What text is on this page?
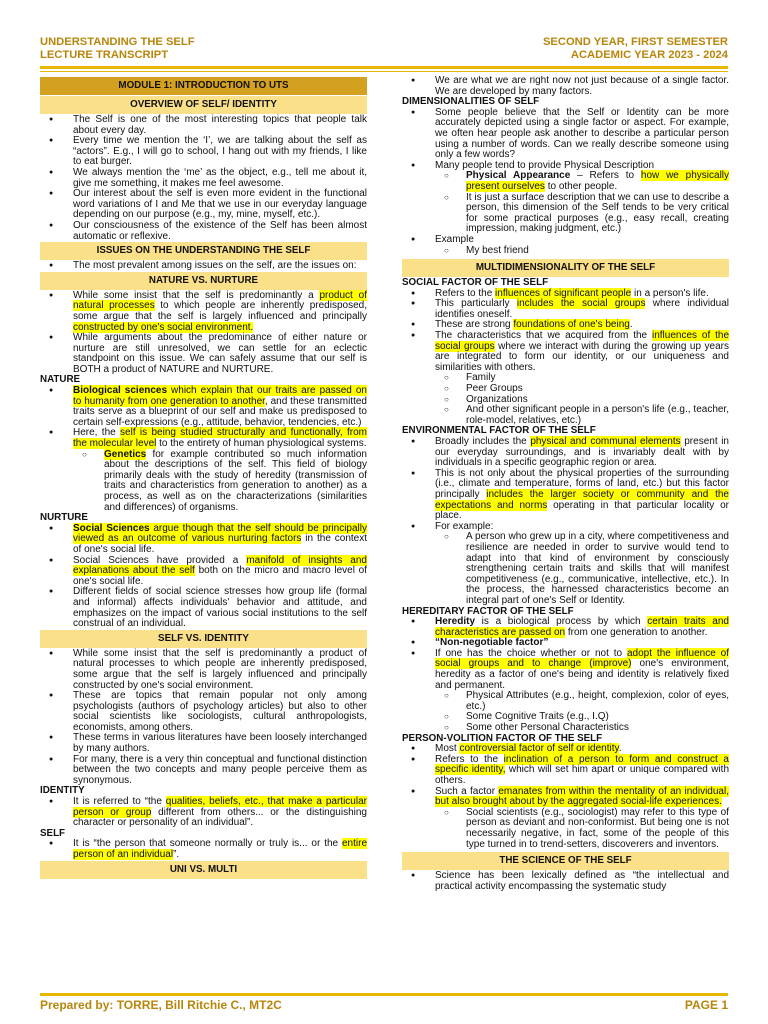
UNDERSTANDING THE SELF
LECTURE TRANSCRIPT
SECOND YEAR, FIRST SEMESTER
ACADEMIC YEAR 2023 - 2024
MODULE 1: INTRODUCTION TO UTS
OVERVIEW OF SELF/ IDENTITY
● The Self is one of the most interesting topics that people talk about every day.
● Every time we mention the ‘I’, we are talking about the self as “actors”. E.g., I will go to school, I hang out with my friends, I like to eat burger.
● We always mention the ‘me’ as the object, e.g., tell me about it, give me something, it makes me feel awesome.
● Our interest about the self is even more evident in the functional word variations of I and Me that we use in our everyday language depending on our purpose (e.g., my, mine, myself, etc.).
● Our consciousness of the existence of the Self has been almost automatic or reflexive.
ISSUES ON THE UNDERSTANDING THE SELF
● The most prevalent among issues on the self, are the issues on:
NATURE VS. NURTURE
● While some insist that the self is predominantly a product of natural processes to which people are inherently predisposed, some argue that the self is largely influenced and principally constructed by one's social environment.
● While arguments about the predominance of either nature or nurture are still unresolved, we can settle for an eclectic standpoint on this issue. We can safely assume that our self is BOTH a product of NATURE and NURTURE.
NATURE
● Biological sciences which explain that our traits are passed on to humanity from one generation to another, and these transmitted traits serve as a blueprint of our self and make us predisposed to certain self-expressions (e.g., attitude, behavior, tendencies, etc.)
● Here, the self is being studied structurally and functionally, from the molecular level to the entirety of human physiological systems.
○ Genetics for example contributed so much information about the descriptions of the self. This field of biology primarily deals with the study of heredity (transmission of traits and characteristics from generation to another) as a process, as well as on the characterizations (similarities and differences) of organisms.
NURTURE
● Social Sciences argue though that the self should be principally viewed as an outcome of various nurturing factors in the context of one's social life.
● Social Sciences have provided a manifold of insights and explanations about the self both on the micro and macro level of one's social life.
● Different fields of social science stresses how group life (formal and informal) affects individuals' behavior and attitude, and emphasizes on the impact of various social institutions to the self construal of an individual.
SELF VS. IDENTITY
● While some insist that the self is predominantly a product of natural processes to which people are inherently predisposed, some argue that the self is largely influenced and principally constructed by one's social environment.
● These are topics that remain popular not only among psychologists (authors of psychology articles) but also to other social scientists like sociologists, cultural anthropologists, economists, among others.
● These terms in various literatures have been loosely interchanged by many authors.
● For many, there is a very thin conceptual and functional distinction between the two concepts and many people perceive them as synonymous.
IDENTITY
● It is referred to “the qualities, beliefs, etc., that make a particular person or group different from others... or the distinguishing character or personality of an individual”.
SELF
● It is “the person that someone normally or truly is... or the entire person of an individual”.
UNI VS. MULTI
● We are what we are right now not just because of a single factor. We are developed by many factors.
DIMENSIONALITIES OF SELF
● Some people believe that the Self or Identity can be more accurately depicted using a single factor or aspect. For example, we often hear people ask another to describe a particular person using a number of words. Can we really describe someone using only a few words?
● Many people tend to provide Physical Description
○ Physical Appearance – Refers to how we physically present ourselves to other people.
○ It is just a surface description that we can use to describe a person, this dimension of the Self tends to be very critical for some practical purposes (e.g., easy recall, creating impression, making judgment, etc.)
● Example
○ My best friend
MULTIDIMENSIONALITY OF THE SELF
SOCIAL FACTOR OF THE SELF
● Refers to the influences of significant people in a person's life.
● This particularly includes the social groups where individual identifies oneself.
● These are strong foundations of one's being.
● The characteristics that we acquired from the influences of the social groups where we interact with during the growing up years are integrated to form our identity, or our uniqueness and similarities with others.
○ Family
○ Peer Groups
○ Organizations
○ And other significant people in a person's life (e.g., teacher, role-model, relatives, etc.)
ENVIRONMENTAL FACTOR OF THE SELF
● Broadly includes the physical and communal elements present in our everyday surroundings, and is invariably dealt with by individuals in a specific geographic region or area.
● This is not only about the physical properties of the surrounding (i.e., climate and temperature, forms of land, etc.) but this factor principally includes the larger society or community and the expectations and norms operating in that particular locality or place.
● For example:
○ A person who grew up in a city, where competitiveness and resilience are needed in order to survive would tend to adapt into that kind of environment by consciously strengthening certain traits and skills that will manifest competitiveness (e.g., communicative, intellective, etc.). In the process, the harnessed characteristics become an integral part of one's Self or Identity.
HEREDITARY FACTOR OF THE SELF
● Heredity is a biological process by which certain traits and characteristics are passed on from one generation to another.
● “Non-negotiable factor”
● If one has the choice whether or not to adopt the influence of social groups and to change (improve) one's environment, heredity as a factor of one's being and identity is relatively fixed and permanent.
○ Physical Attributes (e.g., height, complexion, color of eyes, etc.)
○ Some Cognitive Traits (e.g., I.Q)
○ Some other Personal Characteristics
PERSON-VOLITION FACTOR OF THE SELF
● Most controversial factor of self or identity.
● Refers to the inclination of a person to form and construct a specific identity, which will set him apart or unique compared with others.
● Such a factor emanates from within the mentality of an individual, but also brought about by the aggregated social-life experiences.
○ Social scientists (e.g., sociologist) may refer to this type of person as deviant and non-conformist. But being one is not necessarily negative, in fact, some of the people of this type turned in to trend-setters, discoverers and inventors.
THE SCIENCE OF THE SELF
● Science has been lexically defined as “the intellectual and practical activity encompassing the systematic study
Prepared by: TORRE, Bill Ritchie C., MT2C	PAGE 1
